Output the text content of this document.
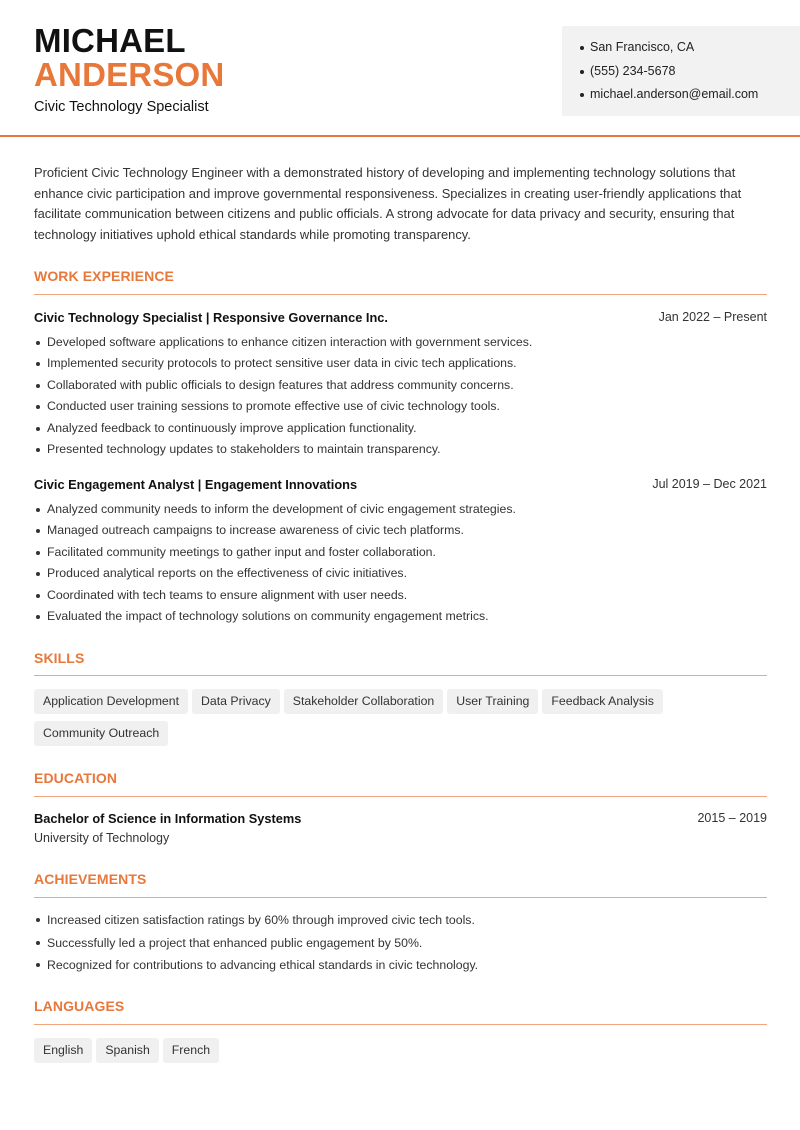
MICHAEL
ANDERSON
Civic Technology Specialist
San Francisco, CA
(555) 234-5678
michael.anderson@email.com

Proficient Civic Technology Engineer with a demonstrated history of developing and implementing technology solutions that enhance civic participation and improve governmental responsiveness. Specializes in creating user-friendly applications that facilitate communication between citizens and public officials. A strong advocate for data privacy and security, ensuring that technology initiatives uphold ethical standards while promoting transparency.

WORK EXPERIENCE
Civic Technology Specialist | Responsive Governance Inc.	Jan 2022 – Present
Developed software applications to enhance citizen interaction with government services.
Implemented security protocols to protect sensitive user data in civic tech applications.
Collaborated with public officials to design features that address community concerns.
Conducted user training sessions to promote effective use of civic technology tools.
Analyzed feedback to continuously improve application functionality.
Presented technology updates to stakeholders to maintain transparency.
Civic Engagement Analyst | Engagement Innovations	Jul 2019 – Dec 2021
Analyzed community needs to inform the development of civic engagement strategies.
Managed outreach campaigns to increase awareness of civic tech platforms.
Facilitated community meetings to gather input and foster collaboration.
Produced analytical reports on the effectiveness of civic initiatives.
Coordinated with tech teams to ensure alignment with user needs.
Evaluated the impact of technology solutions on community engagement metrics.
SKILLS
Application Development Data Privacy Stakeholder Collaboration User Training Feedback Analysis
Community Outreach
EDUCATION
Bachelor of Science in Information Systems	2015 – 2019
University of Technology
ACHIEVEMENTS
Increased citizen satisfaction ratings by 60% through improved civic tech tools.
Successfully led a project that enhanced public engagement by 50%.
Recognized for contributions to advancing ethical standards in civic technology.
LANGUAGES
English Spanish French
